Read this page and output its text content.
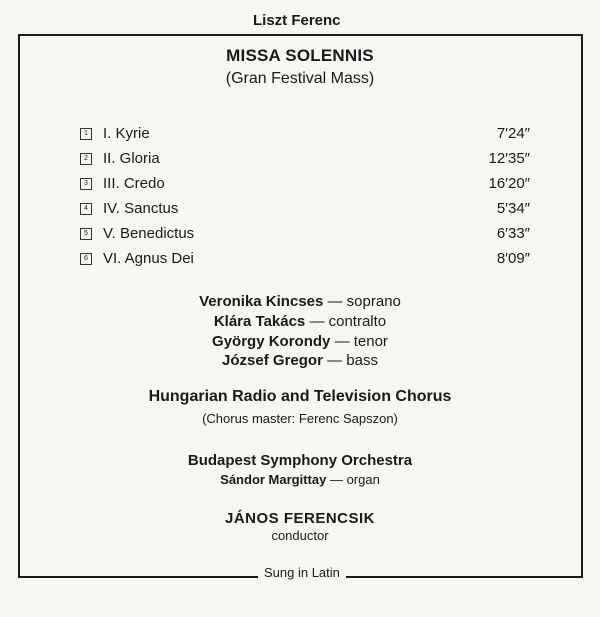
Liszt Ferenc
Sung in Latin
MISSA SOLENNIS
(Gran Festival Mass)
1 I. Kyrie	7′24″
2 II. Gloria	12′35″
3 III. Credo	16′20″
4 IV. Sanctus	5′34″
5 V. Benedictus	6′33″
6 VI. Agnus Dei	8′09″
Veronika Kincses — soprano
Klára Takács — contralto
György Korondy — tenor
József Gregor — bass
Hungarian Radio and Television Chorus
(Chorus master: Ferenc Sapszon)
Budapest Symphony Orchestra
Sándor Margittay — organ
JÁNOS FERENCSIK
conductor
